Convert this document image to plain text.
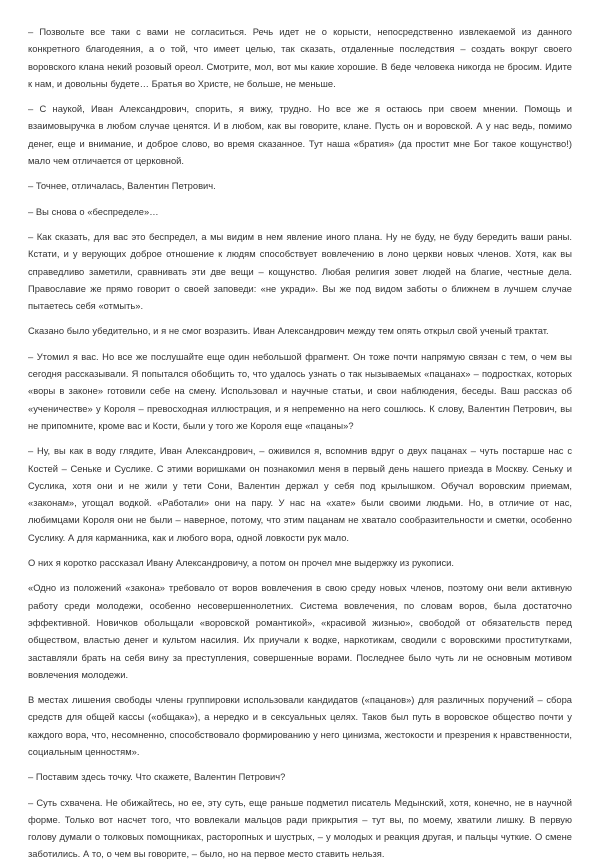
– Позвольте все таки с вами не согласиться. Речь идет не о корысти, непосредственно извлекаемой из данного конкретного благодеяния, а о той, что имеет целью, так сказать, отдаленные последствия – создать вокруг своего воровского клана некий розовый ореол. Смотрите, мол, вот мы какие хорошие. В беде человека никогда не бросим. Идите к нам, и довольны будете… Братья во Христе, не больше, не меньше.

– С наукой, Иван Александрович, спорить, я вижу, трудно. Но все же я остаюсь при своем мнении. Помощь и взаимовыручка в любом случае ценятся. И в любом, как вы говорите, клане. Пусть он и воровской. А у нас ведь, помимо денег, еще и внимание, и доброе слово, во время сказанное. Тут наша «братия» (да простит мне Бог такое кощунство!) мало чем отличается от церковной.

– Точнее, отличалась, Валентин Петрович.

– Вы снова о «беспределе»…

– Как сказать, для вас это беспредел, а мы видим в нем явление иного плана. Ну не буду, не буду бередить ваши раны. Кстати, и у верующих доброе отношение к людям способствует вовлечению в лоно церкви новых членов. Хотя, как вы справедливо заметили, сравнивать эти две вещи – кощунство. Любая религия зовет людей на благие, честные дела. Православие же прямо говорит о своей заповеди: «не укради». Вы же под видом заботы о ближнем в лучшем случае пытаетесь себя «отмыть».

Сказано было убедительно, и я не смог возразить. Иван Александрович между тем опять открыл свой ученый трактат.

– Утомил я вас. Но все же послушайте еще один небольшой фрагмент. Он тоже почти напрямую связан с тем, о чем вы сегодня рассказывали. Я попытался обобщить то, что удалось узнать о так нызываемых «пацанах» – подростках, которых «воры в законе» готовили себе на смену. Использовал и научные статьи, и свои наблюдения, беседы. Ваш рассказ об «ученичестве» у Короля – превосходная иллюстрация, и я непременно на него сошлюсь. К слову, Валентин Петрович, вы не припомните, кроме вас и Кости, были у того же Короля еще «пацаны»?

– Ну, вы как в воду глядите, Иван Александрович, – оживился я, вспомнив вдруг о двух пацанах – чуть постарше нас с Костей – Сеньке и Суслике. С этими воришками он познакомил меня в первый день нашего приезда в Москву. Сеньку и Суслика, хотя они и не жили у тети Сони, Валентин держал у себя под крылышком. Обучал воровским приемам, «законам», угощал водкой. «Работали» они на пару. У нас на «хате» были своими людьми. Но, в отличие от нас, любимцами Короля они не были – наверное, потому, что этим пацанам не хватало сообразительности и сметки, особенно Суслику. А для карманника, как и любого вора, одной ловкости рук мало.

О них я коротко рассказал Ивану Александровичу, а потом он прочел мне выдержку из рукописи.

«Одно из положений «закона» требовало от воров вовлечения в свою среду новых членов, поэтому они вели активную работу среди молодежи, особенно несовершеннолетних. Система вовлечения, по словам воров, была достаточно эффективной. Новичков обольщали «воровской романтикой», «красивой жизнью», свободой от обязательств перед обществом, властью денег и культом насилия. Их приучали к водке, наркотикам, сводили с воровскими проститутками, заставляли брать на себя вину за преступления, совершенные ворами. Последнее было чуть ли не основным мотивом вовлечения молодежи.

В местах лишения свободы члены группировки использовали кандидатов («пацанов») для различных поручений – сбора средств для общей кассы («общака»), а нередко и в сексуальных целях. Таков был путь в воровское общество почти у каждого вора, что, несомненно, способствовало формированию у него цинизма, жестокости и презрения к нравственности, социальным ценностям».

– Поставим здесь точку. Что скажете, Валентин Петрович?

– Суть схвачена. Не обижайтесь, но ее, эту суть, еще раньше подметил писатель Медынский, хотя, конечно, не в научной форме. Только вот насчет того, что вовлекали мальцов ради прикрытия – тут вы, по моему, хватили лишку. В первую голову думали о толковых помощниках, расторопных и шустрых, – у молодых и реакция другая, и пальцы чуткие. О смене заботились. А то, о чем вы говорите, – было, но на первое место ставить нельзя.
